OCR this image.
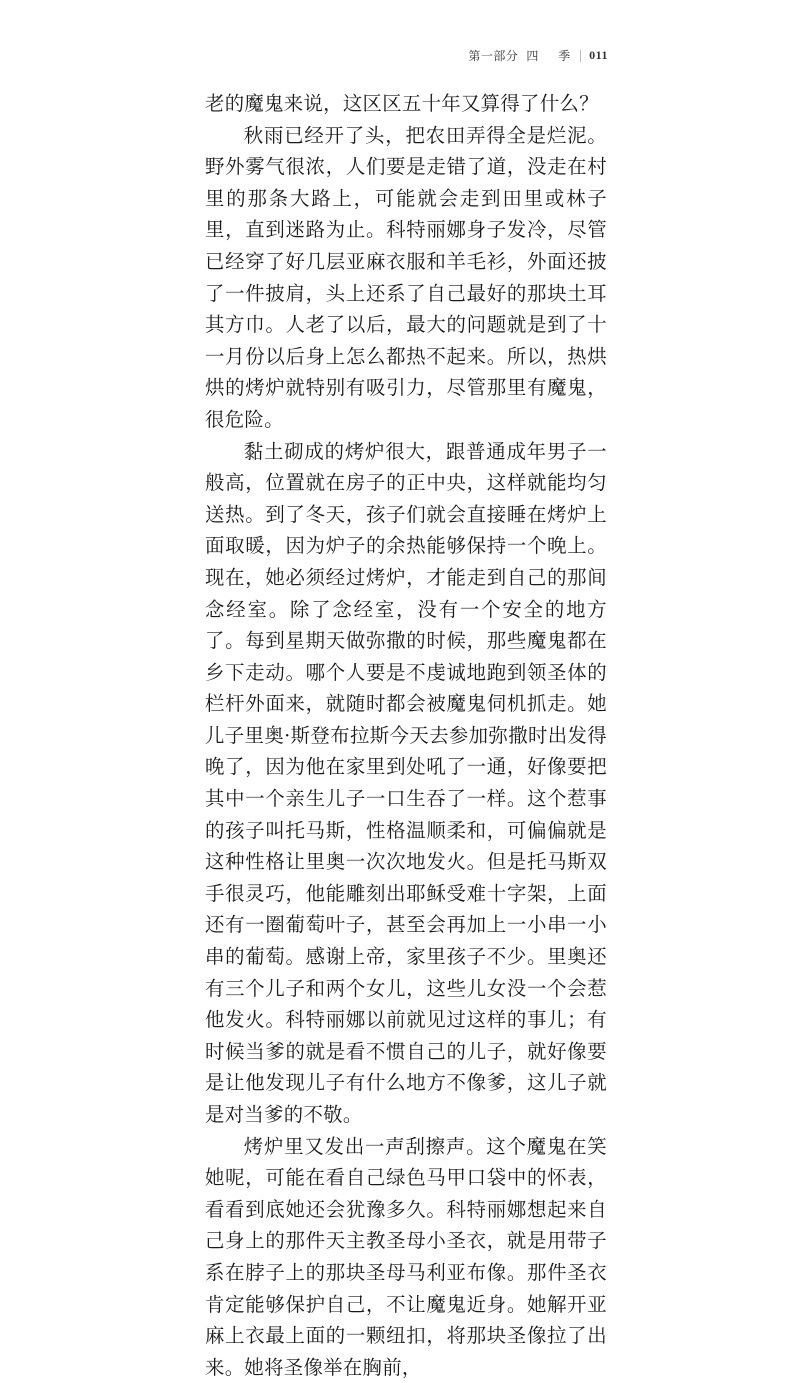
第一部分 四 季 011

老的魔鬼来说，这区区五十年又算得了什么？

秋雨已经开了头，把农田弄得全是烂泥。野外雾气很浓，人们要是走错了道，没走在村里的那条大路上，可能就会走到田里或林子里，直到迷路为止。科特丽娜身子发冷，尽管已经穿了好几层亚麻衣服和羊毛衫，外面还披了一件披肩，头上还系了自己最好的那块土耳其方巾。人老了以后，最大的问题就是到了十一月份以后身上怎么都热不起来。所以，热烘烘的烤炉就特别有吸引力，尽管那里有魔鬼，很危险。

黏土砌成的烤炉很大，跟普通成年男子一般高，位置就在房子的正中央，这样就能均匀送热。到了冬天，孩子们就会直接睡在烤炉上面取暖，因为炉子的余热能够保持一个晚上。现在，她必须经过烤炉，才能走到自己的那间念经室。除了念经室，没有一个安全的地方了。每到星期天做弥撒的时候，那些魔鬼都在乡下走动。哪个人要是不虔诚地跑到领圣体的栏杆外面来，就随时都会被魔鬼伺机抓走。她儿子里奥·斯登布拉斯今天去参加弥撒时出发得晚了，因为他在家里到处吼了一通，好像要把其中一个亲生儿子一口生吞了一样。这个惹事的孩子叫托马斯，性格温顺柔和，可偏偏就是这种性格让里奥一次次地发火。但是托马斯双手很灵巧，他能雕刻出耶稣受难十字架，上面还有一圈葡萄叶子，甚至会再加上一小串一小串的葡萄。感谢上帝，家里孩子不少。里奥还有三个儿子和两个女儿，这些儿女没一个会惹他发火。科特丽娜以前就见过这样的事儿；有时候当爹的就是看不惯自己的儿子，就好像要是让他发现儿子有什么地方不像爹，这儿子就是对当爹的不敬。

烤炉里又发出一声刮擦声。这个魔鬼在笑她呢，可能在看自己绿色马甲口袋中的怀表，看看到底她还会犹豫多久。科特丽娜想起来自己身上的那件天主教圣母小圣衣，就是用带子系在脖子上的那块圣母马利亚布像。那件圣衣肯定能够保护自己，不让魔鬼近身。她解开亚麻上衣最上面的一颗纽扣，将那块圣像拉了出来。她将圣像举在胸前，
